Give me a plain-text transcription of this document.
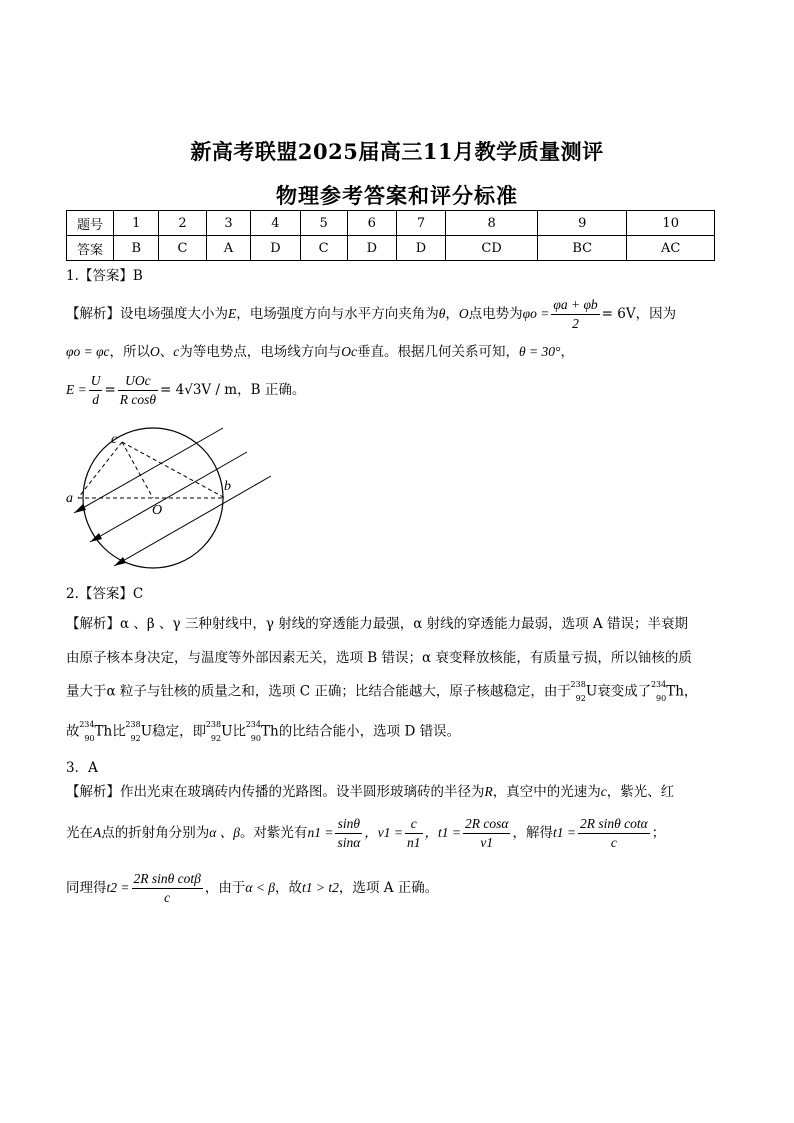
新高考联盟2025届高三11月教学质量测评
物理参考答案和评分标准
题号	1	2	3	4	5	6	7	8	9	10
答案	B	C	A	D	C	D	D	CD	BC	AC
1.【答案】B
【解析】设电场强度大小为E，电场强度方向与水平方向夹角为θ，O点电势为$\varphi o = \frac{\varphi a + \varphi b}{2} = 6V$，因为
φo = φc，所以O、c为等电势点，电场线方向与Oc垂直。根据几何关系可知，θ = 30°，
$E = \frac{U}{d} = \frac{\text{UOc}}{\text{R cosθ}} = 4√3V / m$，B 正确。
c
a
b
O
2.【答案】C
【解析】α 、β 、γ 三种射线中，γ 射线的穿透能力最强，α 射线的穿透能力最弱，选项 A 错误；半衰期
由原子核本身决定，与温度等外部因素无关，选项 B 错误；α 衰变释放核能，有质量亏损，所以铀核的质
量大于α 粒子与钍核的质量之和，选项 C 正确；比结合能越大，原子核越稳定，由于 238
92 U衰变成了 234
90 Th，
故 234
90 Th比 238
92 U稳定，即 238
92 U比 234
90 Th的比结合能小，选项 D 错误。
3．A
【解析】作出光束在玻璃砖内传播的光路图。设半圆形玻璃砖的半径为R，真空中的光速为c，紫光、红
光在A点的折射角分别为α 、β。对紫光有$n1 = \frac{\sin\theta}{\sin\alpha}$ ，$v1 = \frac{c}{n1}$ ，$t1 = \frac{\text{2R cosα}}{v1}$ ，解得$t1 = \frac{\text{2R sinθ cotα}}{c}$ ；
同理得$t2 = \frac{\text{2R sinθ cotβ}}{c}$ ，由于α < β，故t1 > t2，选项 A 正确。
